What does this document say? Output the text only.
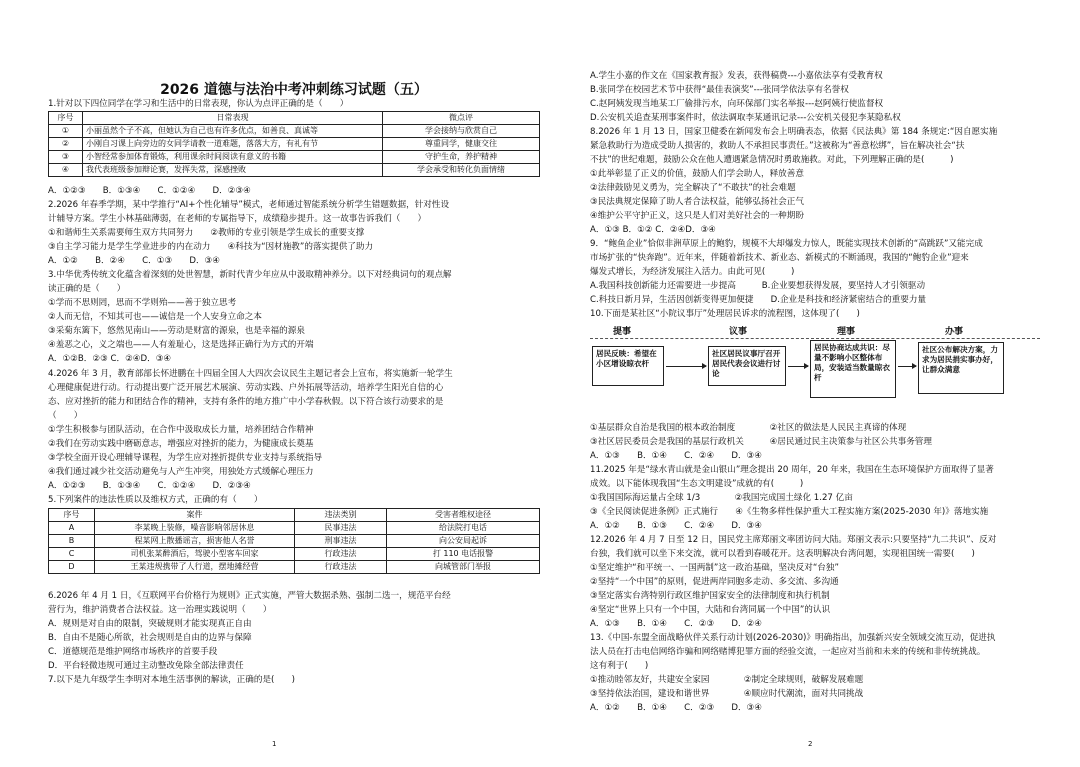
2026 道德与法治中考冲刺练习试题（五）
1.针对以下四位同学在学习和生活中的日常表现，你认为点评正确的是（　　）
序号	日常表现	微点评
①	小丽虽然个子不高，但她认为自己也有许多优点，如善良、真诚等	学会接纳与欣赏自己
②	小刚自习课上向旁边的女同学请教一道难题，落落大方，有礼有节	尊重同学，健康交往
③	小智经常参加体育锻炼，利用课余时间阅读有意义的书籍	守护生命，养护精神
④	我代表班级参加辩论赛，发挥失常，深感挫败	学会承受和转化负面情绪
A．①②③　　B．①③④　　C．①②④　　D．②③④
2.2026 年春季学期，某中学推行“AI+个性化辅导”模式，老师通过智能系统分析学生错题数据，针对性设
计辅导方案。学生小林基础薄弱，在老师的专属指导下，成绩稳步提升。这一故事告诉我们（　　）
①和谐师生关系需要师生双方共同努力　　②教师的专业引领是学生成长的重要支撑
③自主学习能力是学生学业进步的内在动力　　④科技为“因材施教”的落实提供了助力
A．①②　　B．②④　　C．①③　　D．③④
3.中华优秀传统文化蕴含着深刻的处世智慧，新时代青少年应从中汲取精神养分。以下对经典词句的观点解
读正确的是（　　）
①学而不思则罔，思而不学则殆——善于独立思考
②人而无信，不知其可也——诚信是一个人安身立命之本
③采菊东篱下，悠然见南山——劳动是财富的源泉，也是幸福的源泉
④羞恶之心，义之端也——人有羞耻心，这是选择正确行为方式的开端
A．①②B．②③ C．②④D．③④
4.2026 年 3 月，教育部部长怀进鹏在十四届全国人大四次会议民生主题记者会上宣布，将实施新一轮学生
心理健康促进行动。行动提出要广泛开展艺术展演、劳动实践、户外拓展等活动，培养学生阳光自信的心
态、应对挫折的能力和团结合作的精神，支持有条件的地方推广中小学春秋假。以下符合该行动要求的是
（　　）
①学生积极参与团队活动，在合作中汲取成长力量，培养团结合作精神
②我们在劳动实践中磨砺意志，增强应对挫折的能力，为健康成长奠基
③学校全面开设心理辅导课程，为学生应对挫折提供专业支持与系统指导
④我们通过减少社交活动避免与人产生冲突，用独处方式缓解心理压力
A．①②③　　B．①③④　　C．①②④　　D．②③④
5.下列案件的违法性质以及维权方式，正确的有（　　）
序号	案件	违法类别	受害者维权途径
A	李某晚上装修，噪音影响邻居休息	民事违法	给法院打电话
B	程某网上散播谣言，损害他人名誉	刑事违法	向公安局起诉
C	司机张某醉酒后，驾驶小型客车回家	行政违法	打 110 电话报警
D	王某违规携带了人行道，摆地摊经营	行政违法	向城管部门举报
6.2026 年 4 月 1 日，《互联网平台价格行为规则》正式实施，严管大数据杀熟、强制二选一，规范平台经
营行为，维护消费者合法权益。这一治理实践说明（　　）
A．规则是对自由的限制，突破规则才能实现真正自由
B．自由不是随心所欲，社会规则是自由的边界与保障
C．道德规范是维护网络市场秩序的首要手段
D．平台轻微违规可通过主动整改免除全部法律责任
7.以下是九年级学生李明对本地生活事例的解读，正确的是(　　)
1
A.学生小嘉的作文在《国家教育报》发表，获得稿费---小嘉依法享有受教育权
B.张同学在校园艺术节中获得“最佳表演奖”---张同学依法享有名誉权
C.赵阿姨发现当地某工厂偷排污水，向环保部门实名举报---赵阿姨行使监督权
D.公安机关追查某刑事案件时，依法调取李某通讯记录---公安机关侵犯李某隐私权
8.2026 年 1 月 13 日，国家卫健委在新闻发布会上明确表态，依据《民法典》第 184 条规定:“因自愿实施
紧急救助行为造成受助人损害的，救助人不承担民事责任。”这被称为“善意松绑”，旨在解决社会“扶
不扶”的世纪难题，鼓励公众在他人遭遇紧急情况时勇敢施救。对此，下列理解正确的是(　　　)
①此举彰显了正义的价值，鼓励人们学会助人，释放善意
②法律鼓励见义勇为，完全解决了“不敢扶”的社会难题
③民法典规定保障了助人者合法权益，能够弘扬社会正气
④维护公平守护正义，这只是人们对美好社会的一种期盼
A．①③ B．①② C．②④D．③④
9．“鲍鱼企业”恰似非洲草原上的鲍豹，规模不大却爆发力惊人，既能实现技术创新的“高跳跃”又能完成
市场扩张的“快奔跑”。近年来，伴随着新技术、新业态、新模式的不断涌现，我国的“鲍豹企业”迎来
爆发式增长，为经济发展注入活力。由此可见(　　　)
A.我国科技创新能力还需要进一步提高　　　B.企业要想获得发展，要坚持人才引领驱动
C.科技日新月异，生活因创新变得更加便捷　　D.企业是科技和经济紧密结合的重要力量
10.下面是某社区“小院议事厅”处理居民诉求的流程图，这体现了(　　)
提事	议事	理事	办事
居民反映：希望在小区增设晾衣杆
社区居民议事厅召开居民代表会议进行讨论
居民协商达成共识：尽量不影响小区整体布局，安装适当数量晾衣杆
社区公布解决方案，力求为居民捐实事办好，让群众满意
①基层群众自治是我国的根本政治制度　　　　②社区的做法是人民民主真谛的体现
③社区居民委员会是我国的基层行政机关　　　④居民通过民主决策参与社区公共事务管理
A．①③　　B．①④　　C．②④　　D．③④
11.2025 年是“绿水青山就是金山银山”理念提出 20 周年，20 年来，我国在生态环境保护方面取得了显著
成效。以下能体现我国“生态文明建设”成就的有(　　　)
①我国国际海运量占全球 1/3　　　　②我国完成国土绿化 1.27 亿亩
③《全民阅读促进条例》正式施行　　④《生物多样性保护重大工程实施方案(2025-2030 年)》落地实施
A．①②　　B．①③　　C．②④　　D．③④
12.2026 年 4 月 7 日至 12 日，国民党主席郑丽文率团访问大陆。郑丽文表示:只要坚持“九二共识”、反对
台独，我们就可以坐下来交流，就可以看到春暖花开。这表明解决台湾问题，实现祖国统一需要(　　)
①坚定维护“和平统一、一国两制”这一政治基础，坚决反对“台独”
②坚持“一个中国”的原则，促进两岸同胞多走动、多交流、多沟通
③坚定落实台湾特别行政区维护国家安全的法律制度和执行机制
④坚定“世界上只有一个中国，大陆和台湾同属一个中国”的认识
A．①③　　B．①④　　C．②③　　D．②④
13.《中国-东盟全面战略伙伴关系行动计划(2026-2030)》明确指出，加强新兴安全领域交流互动，促进执
法人员在打击电信网络诈骗和网络赌博犯罪方面的经验交流，一起应对当前和未来的传统和非传统挑战。
这有利于(　　)
①推动睦邻友好，共建安全家园　　　　②制定全球规则，破解发展难题
③坚持依法治国，建设和谐世界　　　　④顺应时代潮流，面对共同挑战
A．①②　　B．①④　　C．②③　　D．③④
2
